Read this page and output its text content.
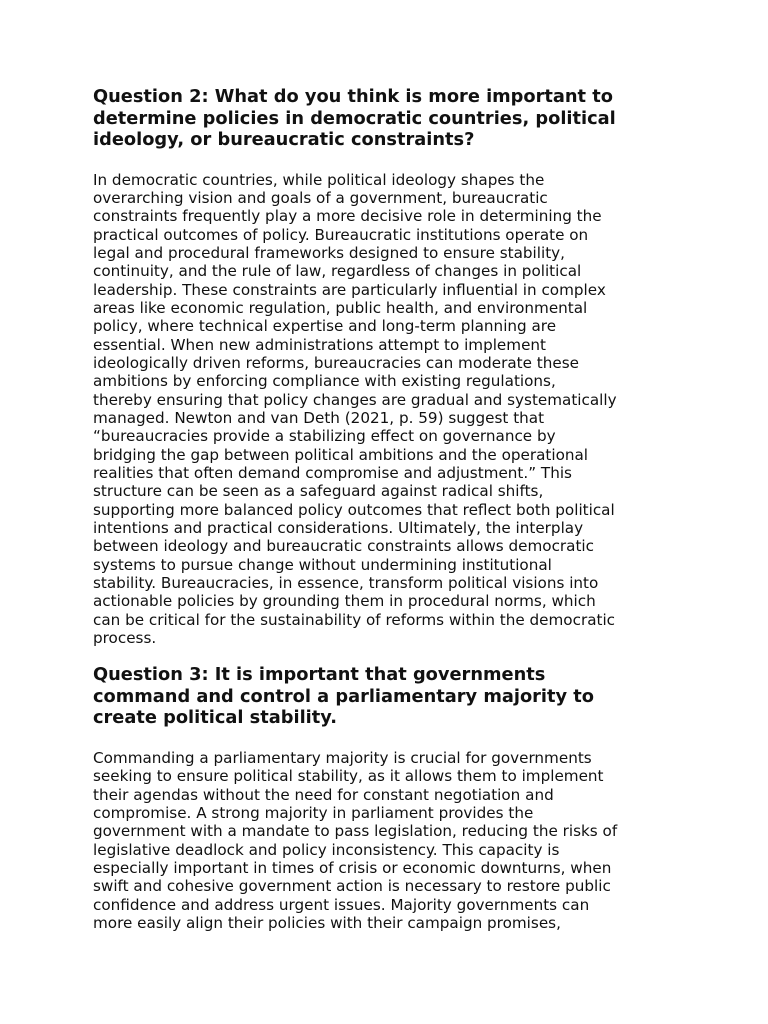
Question 2: What do you think is more important to
determine policies in democratic countries, political
ideology, or bureaucratic constraints?

In democratic countries, while political ideology shapes the
overarching vision and goals of a government, bureaucratic
constraints frequently play a more decisive role in determining the
practical outcomes of policy. Bureaucratic institutions operate on
legal and procedural frameworks designed to ensure stability,
continuity, and the rule of law, regardless of changes in political
leadership. These constraints are particularly influential in complex
areas like economic regulation, public health, and environmental
policy, where technical expertise and long-term planning are
essential. When new administrations attempt to implement
ideologically driven reforms, bureaucracies can moderate these
ambitions by enforcing compliance with existing regulations,
thereby ensuring that policy changes are gradual and systematically
managed. Newton and van Deth (2021, p. 59) suggest that
“bureaucracies provide a stabilizing effect on governance by
bridging the gap between political ambitions and the operational
realities that often demand compromise and adjustment.” This
structure can be seen as a safeguard against radical shifts,
supporting more balanced policy outcomes that reflect both political
intentions and practical considerations. Ultimately, the interplay
between ideology and bureaucratic constraints allows democratic
systems to pursue change without undermining institutional
stability. Bureaucracies, in essence, transform political visions into
actionable policies by grounding them in procedural norms, which
can be critical for the sustainability of reforms within the democratic
process.

Question 3: It is important that governments
command and control a parliamentary majority to
create political stability.

Commanding a parliamentary majority is crucial for governments
seeking to ensure political stability, as it allows them to implement
their agendas without the need for constant negotiation and
compromise. A strong majority in parliament provides the
government with a mandate to pass legislation, reducing the risks of
legislative deadlock and policy inconsistency. This capacity is
especially important in times of crisis or economic downturns, when
swift and cohesive government action is necessary to restore public
confidence and address urgent issues. Majority governments can
more easily align their policies with their campaign promises,
